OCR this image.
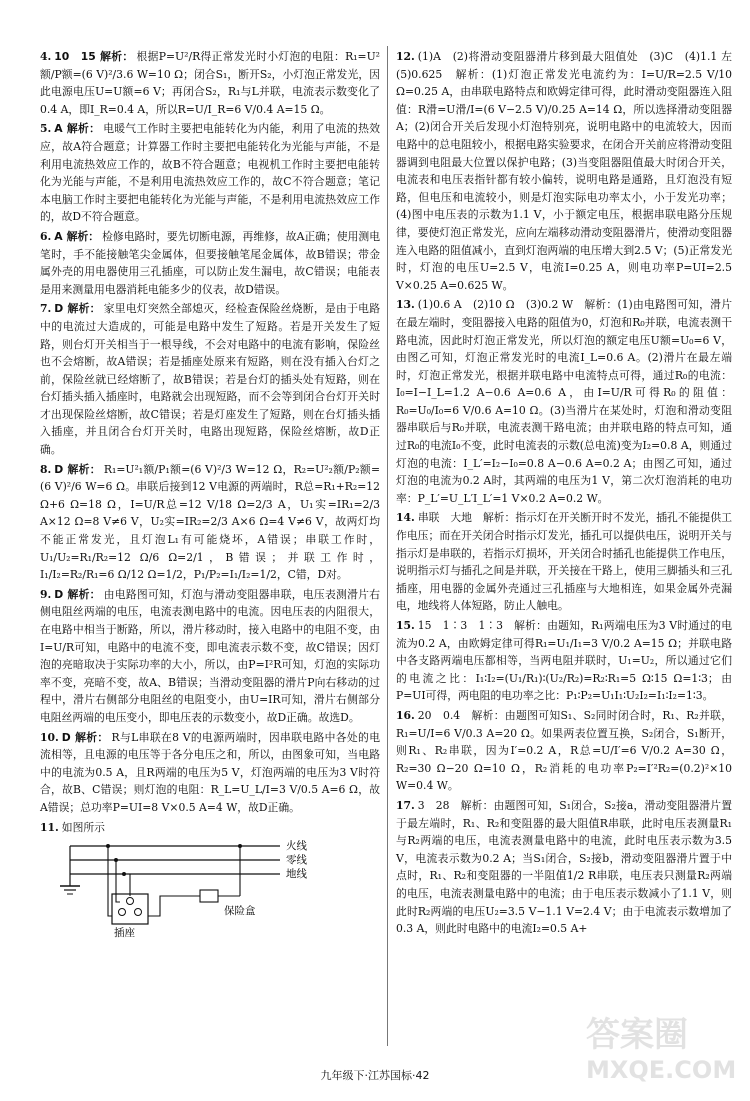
4. 10　15 解析： 根据P=U²/R得正常发光时小灯泡的电阻：R₁=U²额/P额=(6 V)²/3.6 W=10 Ω；闭合S₁，断开S₂，小灯泡正常发光，因此电源电压U=U额=6 V；再闭合S₂，R₁与L并联，电流表示数变化了0.4 A，即I_R=0.4 A，所以R=U/I_R=6 V/0.4 A=15 Ω。

5. A 解析： 电暖气工作时主要把电能转化为内能，利用了电流的热效应，故A符合题意；计算器工作时主要把电能转化为光能与声能，不是利用电流热效应工作的，故B不符合题意；电视机工作时主要把电能转化为光能与声能，不是利用电流热效应工作的，故C不符合题意；笔记本电脑工作时主要把电能转化为光能与声能，不是利用电流热效应工作的，故D不符合题意。

6. A 解析： 检修电路时，要先切断电源，再维修，故A正确；使用测电笔时，手不能接触笔尖金属体，但要接触笔尾金属体，故B错误；带金属外壳的用电器使用三孔插座，可以防止发生漏电，故C错误；电能表是用来测量用电器消耗电能多少的仪表，故D错误。

7. D 解析： 家里电灯突然全部熄灭，经检查保险丝烧断，是由于电路中的电流过大造成的，可能是电路中发生了短路。若是开关发生了短路，则台灯开关相当于一根导线，不会对电路中的电流有影响，保险丝也不会熔断，故A错误；若是插座处原来有短路，则在没有插入台灯之前，保险丝就已经熔断了，故B错误；若是台灯的插头处有短路，则在台灯插头插入插座时，电路就会出现短路，而不会等到闭合台灯开关时才出现保险丝熔断，故C错误；若是灯座发生了短路，则在台灯插头插入插座，并且闭合台灯开关时，电路出现短路，保险丝熔断，故D正确。

8. D 解析： R₁=U²₁额/P₁额=(6 V)²/3 W=12 Ω，R₂=U²₂额/P₂额=(6 V)²/6 W=6 Ω。串联后接到12 V电源的两端时，R总=R₁+R₂=12 Ω+6 Ω=18 Ω，I=U/R总=12 V/18 Ω=2/3 A，U₁实=IR₁=2/3 A×12 Ω=8 V≠6 V，U₂实=IR₂=2/3 A×6 Ω=4 V≠6 V，故两灯均不能正常发光，且灯泡L₁有可能烧坏，A错误；串联工作时，U₁/U₂=R₁/R₂=12 Ω/6 Ω=2/1，B错误；并联工作时，I₁/I₂=R₂/R₁=6 Ω/12 Ω=1/2，P₁/P₂=I₁/I₂=1/2，C错，D对。

9. D 解析： 由电路图可知，灯泡与滑动变阻器串联，电压表测滑片右侧电阻丝两端的电压，电流表测电路中的电流。因电压表的内阻很大，在电路中相当于断路，所以，滑片移动时，接入电路中的电阻不变，由I=U/R可知，电路中的电流不变，即电流表示数不变，故C错误；因灯泡的亮暗取决于实际功率的大小，所以，由P=I²R可知，灯泡的实际功率不变，亮暗不变，故A、B错误；当滑动变阻器的滑片P向右移动的过程中，滑片右侧部分电阻丝的电阻变小，由U=IR可知，滑片右侧部分电阻丝两端的电压变小，即电压表的示数变小，故D正确。故选D。

10. D 解析： R与L串联在8 V的电源两端时，因串联电路中各处的电流相等，且电源的电压等于各分电压之和，所以，由图象可知，当电路中的电流为0.5 A，且R两端的电压为5 V，灯泡两端的电压为3 V时符合，故B、C错误；则灯泡的电阻：R_L=U_L/I=3 V/0.5 A=6 Ω，故A错误；总功率P=UI=8 V×0.5 A=4 W，故D正确。

11. 如图所示

火线
零线
地线
插座
保险盒

12. (1)A　(2)将滑动变阻器滑片移到最大阻值处　(3)C　(4)1.1 左　(5)0.625　解析：(1)灯泡正常发光电流约为：I=U/R=2.5 V/10 Ω=0.25 A，由串联电路特点和欧姆定律可得，此时滑动变阻器连入阻值：R滑=U滑/I=(6 V−2.5 V)/0.25 A=14 Ω，所以选择滑动变阻器A；(2)闭合开关后发现小灯泡特别亮，说明电路中的电流较大，因而电路中的总电阻较小，根据电路实验要求，在闭合开关前应将滑动变阻器调到电阻最大位置以保护电路；(3)当变阻器阻值最大时闭合开关，电流表和电压表指针都有较小偏转，说明电路是通路，且灯泡没有短路，但电压和电流较小，则是灯泡实际电功率太小，小于发光功率；(4)图中电压表的示数为1.1 V，小于额定电压，根据串联电路分压规律，要使灯泡正常发光，应向左端移动滑动变阻器滑片，使滑动变阻器连入电路的阻值减小，直到灯泡两端的电压增大到2.5 V；(5)正常发光时，灯泡的电压U=2.5 V，电流I=0.25 A，则电功率P=UI=2.5 V×0.25 A=0.625 W。

13. (1)0.6 A　(2)10 Ω　(3)0.2 W　解析：(1)由电路图可知，滑片在最左端时，变阻器接入电路的阻值为0，灯泡和R₀并联，电流表测干路电流，因此时灯泡正常发光，所以灯泡的额定电压U额=U₀=6 V，由图乙可知，灯泡正常发光时的电流I_L=0.6 A。(2)滑片在最左端时，灯泡正常发光，根据并联电路中电流特点可得，通过R₀的电流：I₀=I−I_L=1.2 A−0.6 A=0.6 A，由I=U/R可得R₀的阻值：R₀=U₀/I₀=6 V/0.6 A=10 Ω。(3)当滑片在某处时，灯泡和滑动变阻器串联后与R₀并联，电流表测干路电流；由并联电路的特点可知，通过R₀的电流I₀不变，此时电流表的示数(总电流)变为I₂=0.8 A，则通过灯泡的电流：I_L′=I₂−I₀=0.8 A−0.6 A=0.2 A；由图乙可知，通过灯泡的电流为0.2 A时，其两端的电压为1 V，第二次灯泡消耗的电功率：P_L′=U_L′I_L′=1 V×0.2 A=0.2 W。

14. 串联　大地　解析：指示灯在开关断开时不发光，插孔不能提供工作电压；而在开关闭合时指示灯发光，插孔可以提供电压，说明开关与指示灯是串联的，若指示灯损坏，开关闭合时插孔也能提供工作电压，说明指示灯与插孔之间是并联，开关接在干路上，使用三脚插头和三孔插座，用电器的金属外壳通过三孔插座与大地相连，如果金属外壳漏电，地线将人体短路，防止人触电。

15. 15　1∶3　1∶3　解析：由题知，R₁两端电压为3 V时通过的电流为0.2 A，由欧姆定律可得R₁=U₁/I₁=3 V/0.2 A=15 Ω；并联电路中各支路两端电压都相等，当两电阻并联时，U₁=U₂，所以通过它们的电流之比：I₁∶I₂=(U₁/R₁)∶(U₂/R₂)=R₂∶R₁=5 Ω∶15 Ω=1∶3；由P=UI可得，两电阻的电功率之比：P₁∶P₂=U₁I₁∶U₂I₂=I₁∶I₂=1∶3。

16. 20　0.4　解析：由题图可知S₁、S₂同时闭合时，R₁、R₂并联，R₁=U/I=6 V/0.3 A=20 Ω。如果两表位置互换，S₂闭合，S₁断开，则R₁、R₂串联，因为I′=0.2 A，R总=U/I′=6 V/0.2 A=30 Ω，R₂=30 Ω−20 Ω=10 Ω，R₂消耗的电功率P₂=I′²R₂=(0.2)²×10 W=0.4 W。

17. 3　28　解析：由题图可知，S₁闭合，S₂接a，滑动变阻器滑片置于最左端时，R₁、R₂和变阻器的最大阻值R串联，此时电压表测量R₁与R₂两端的电压，电流表测量电路中的电流，此时电压表示数为3.5 V，电流表示数为0.2 A；当S₁闭合，S₂接b，滑动变阻器滑片置于中点时，R₁、R₂和变阻器的一半阻值1/2 R串联，电压表只测量R₂两端的电压，电流表测量电路中的电流；由于电压表示数减小了1.1 V，则此时R₂两端的电压U₂=3.5 V−1.1 V=2.4 V；由于电流表示数增加了0.3 A，则此时电路中的电流I₂=0.5 A+

九年级下·江苏国标·42
答案圈
MXQE.COM
